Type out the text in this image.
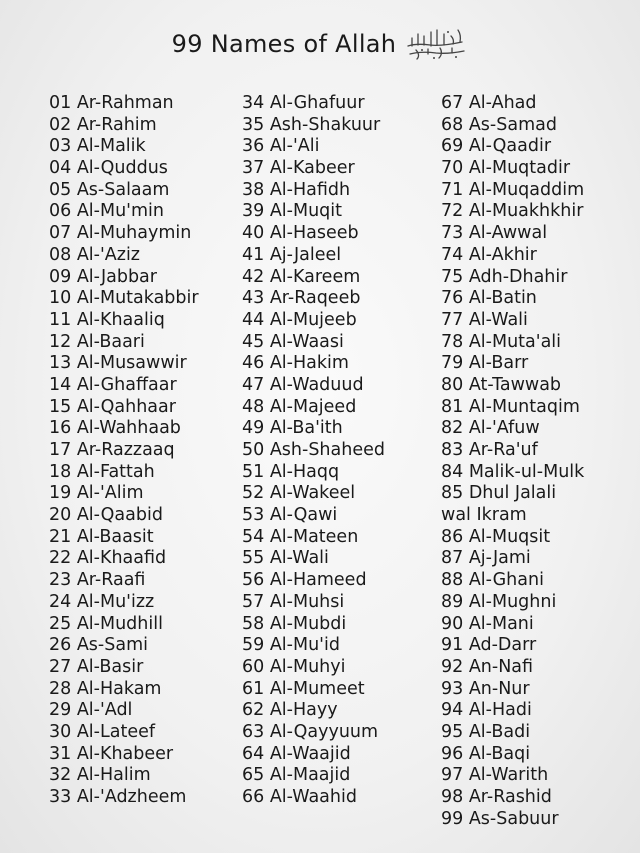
99 Names of Allah
01 Ar-Rahman
02 Ar-Rahim
03 Al-Malik
04 Al-Quddus
05 As-Salaam
06 Al-Mu'min
07 Al-Muhaymin
08 Al-'Aziz
09 Al-Jabbar
10 Al-Mutakabbir
11 Al-Khaaliq
12 Al-Baari
13 Al-Musawwir
14 Al-Ghaffaar
15 Al-Qahhaar
16 Al-Wahhaab
17 Ar-Razzaaq
18 Al-Fattah
19 Al-'Alim
20 Al-Qaabid
21 Al-Baasit
22 Al-Khaafid
23 Ar-Raafi
24 Al-Mu'izz
25 Al-Mudhill
26 As-Sami
27 Al-Basir
28 Al-Hakam
29 Al-'Adl
30 Al-Lateef
31 Al-Khabeer
32 Al-Halim
33 Al-'Adzheem
34 Al-Ghafuur
35 Ash-Shakuur
36 Al-'Ali
37 Al-Kabeer
38 Al-Hafidh
39 Al-Muqit
40 Al-Haseeb
41 Aj-Jaleel
42 Al-Kareem
43 Ar-Raqeeb
44 Al-Mujeeb
45 Al-Waasi
46 Al-Hakim
47 Al-Waduud
48 Al-Majeed
49 Al-Ba'ith
50 Ash-Shaheed
51 Al-Haqq
52 Al-Wakeel
53 Al-Qawi
54 Al-Mateen
55 Al-Wali
56 Al-Hameed
57 Al-Muhsi
58 Al-Mubdi
59 Al-Mu'id
60 Al-Muhyi
61 Al-Mumeet
62 Al-Hayy
63 Al-Qayyuum
64 Al-Waajid
65 Al-Maajid
66 Al-Waahid
67 Al-Ahad
68 As-Samad
69 Al-Qaadir
70 Al-Muqtadir
71 Al-Muqaddim
72 Al-Muakhkhir
73 Al-Awwal
74 Al-Akhir
75 Adh-Dhahir
76 Al-Batin
77 Al-Wali
78 Al-Muta'ali
79 Al-Barr
80 At-Tawwab
81 Al-Muntaqim
82 Al-'Afuw
83 Ar-Ra'uf
84 Malik-ul-Mulk
85 Dhul Jalali
wal Ikram
86 Al-Muqsit
87 Aj-Jami
88 Al-Ghani
89 Al-Mughni
90 Al-Mani
91 Ad-Darr
92 An-Nafi
93 An-Nur
94 Al-Hadi
95 Al-Badi
96 Al-Baqi
97 Al-Warith
98 Ar-Rashid
99 As-Sabuur
